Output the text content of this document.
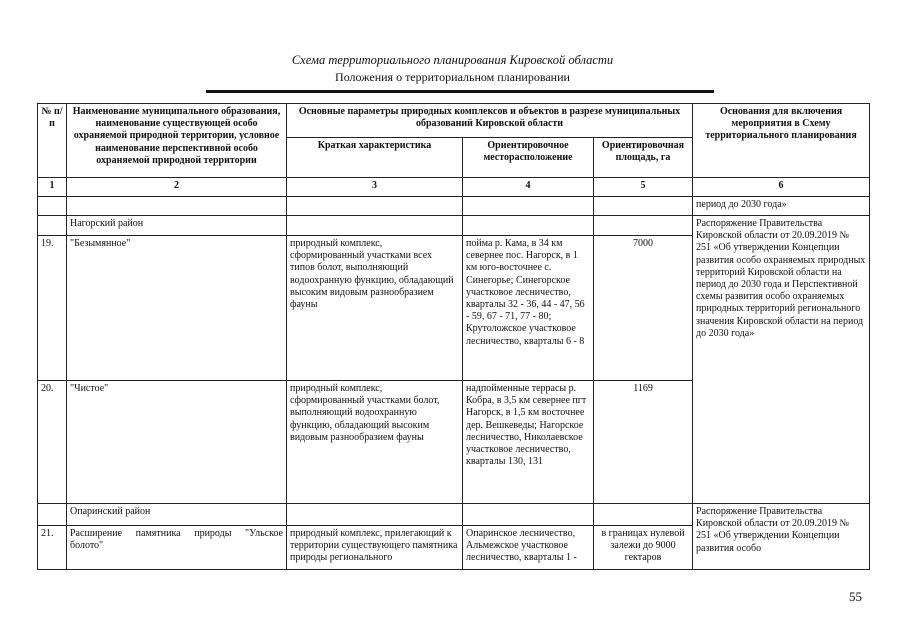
Схема территориального планирования Кировской области
Положения о территориальном планировании
№ п/п	Наименование муниципального образования, наименование существующей особо охраняемой природной территории, условное наименование перспективной особо охраняемой природной территории	Основные параметры природных комплексов и объектов в разрезе муниципальных образований Кировской области			Основания для включения мероприятия в Схему территориального планирования
		Краткая характеристика	Ориентировочное месторасположение	Ориентировочная площадь, га	
1	2	3	4	5	6
					период до 2030 года»
	Нагорский район				Распоряжение Правительства Кировской области от 20.09.2019 № 251 «Об утверждении Концепции развития особо охраняемых природных территорий Кировской области на период до 2030 года и Перспективной схемы развития особо охраняемых природных территорий регионального значения Кировской области на период до 2030 года»
19.	"Безымянное"	природный комплекс, сформированный участками всех типов болот, выполняющий водоохранную функцию, обладающий высоким видовым разнообразием фауны	пойма р. Кама, в 34 км севернее пос. Нагорск, в 1 км юго-восточнее с. Синегорье; Синегорское участковое лесничество, кварталы 32 - 36, 44 - 47, 56 - 59, 67 - 71, 77 - 80; Крутоложское участковое лесничество, кварталы 6 - 8	7000	
20.	"Чистое"	природный комплекс, сформированный участками болот, выполняющий водоохранную функцию, обладающий высоким видовым разнообразием фауны	надпойменные террасы р. Кобра, в 3,5 км севернее пгт Нагорск, в 1,5 км восточнее дер. Вешкеведы; Нагорское лесничество, Николаевское участковое лесничество, кварталы 130, 131	1169	
	Опаринский район				Распоряжение Правительства Кировской области от 20.09.2019 № 251 «Об утверждении Концепции развития особо
21.	Расширение памятника природы "Ульское болото"	природный комплекс, прилегающий к территории существующего памятника природы регионального	Опаринское лесничество, Альмежское участковое лесничество, кварталы 1 -	в границах нулевой залежи до 9000 гектаров	
55
